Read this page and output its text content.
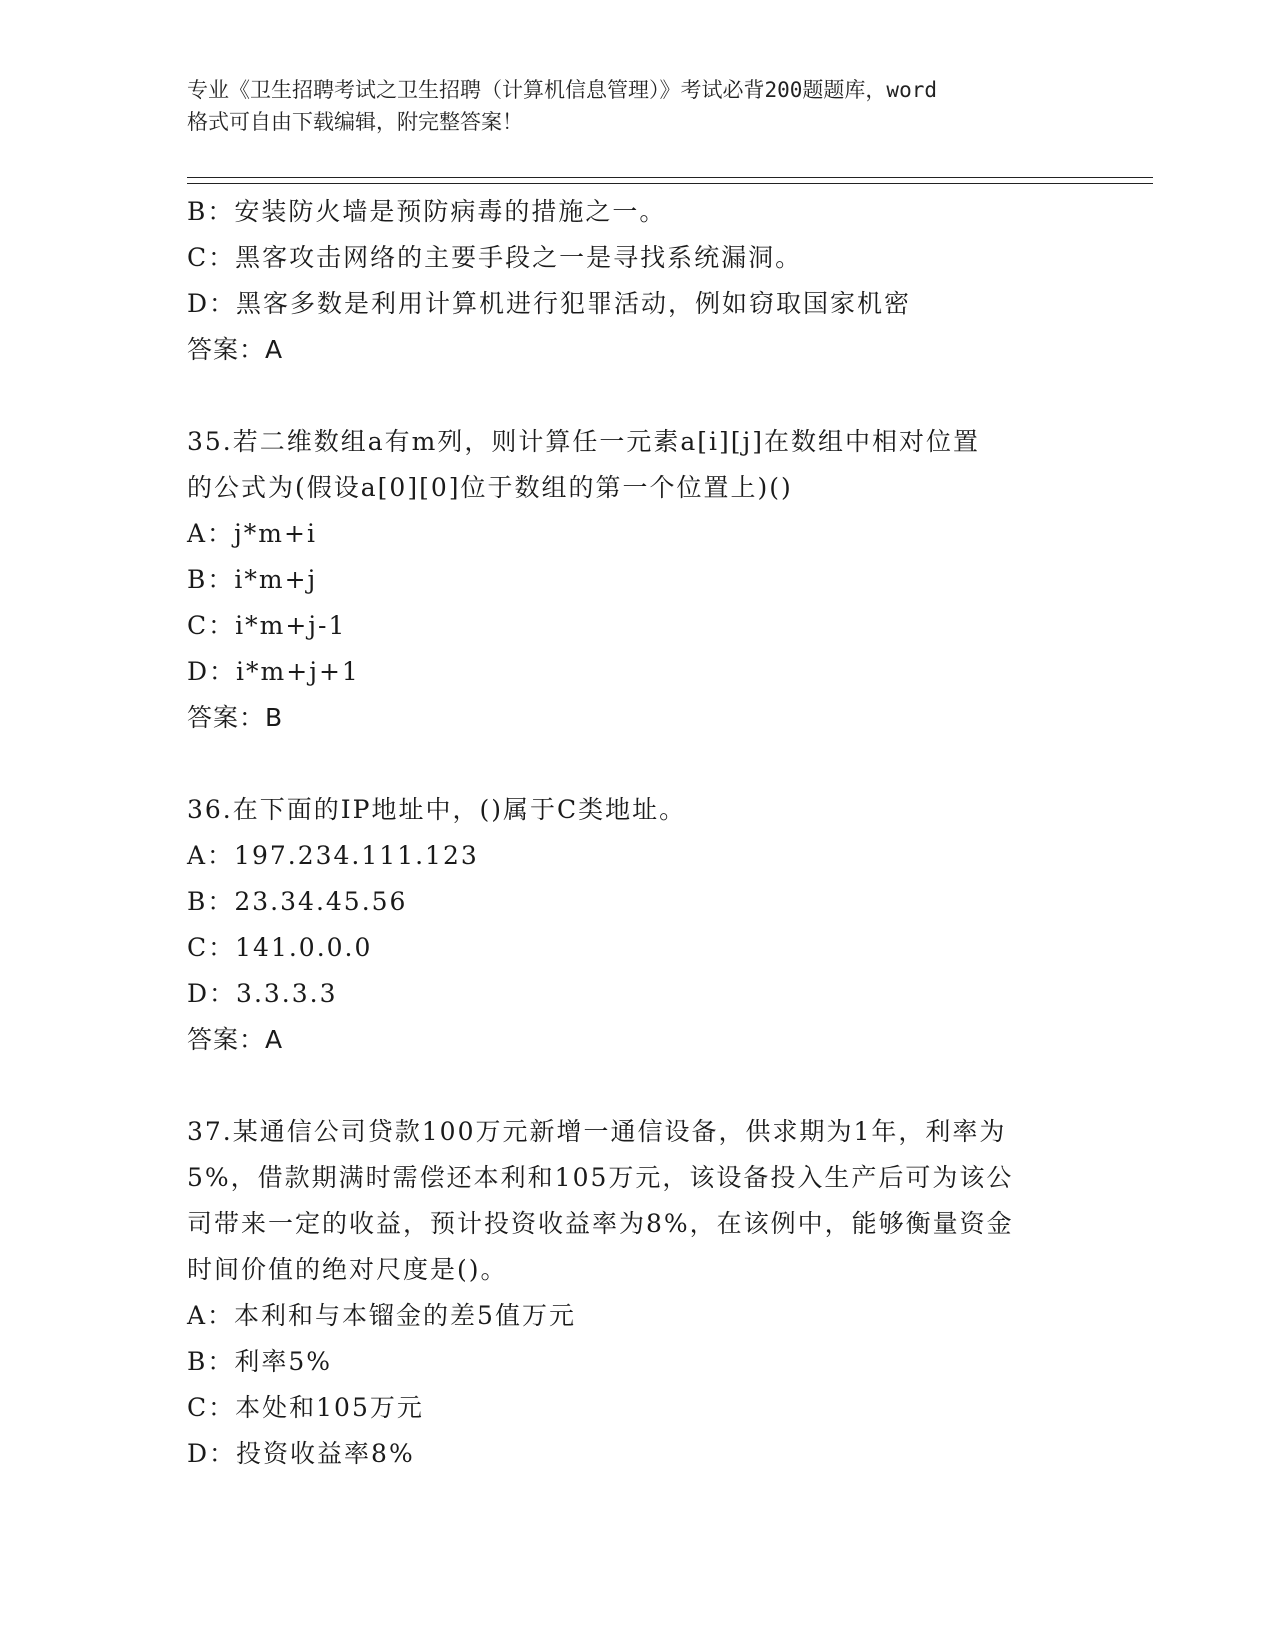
专业《卫生招聘考试之卫生招聘（计算机信息管理）》考试必背200题题库，word
格式可自由下载编辑，附完整答案！
B：安装防火墙是预防病毒的措施之一。
C：黑客攻击网络的主要手段之一是寻找系统漏洞。
D：黑客多数是利用计算机进行犯罪活动，例如窃取国家机密
答案：A
35.若二维数组a有m列，则计算任一元素a[i][j]在数组中相对位置
的公式为(假设a[0][0]位于数组的第一个位置上)()
A：j*m+i
B：i*m+j
C：i*m+j-1
D：i*m+j+1
答案：B
36.在下面的IP地址中，()属于C类地址。
A：197.234.111.123
B：23.34.45.56
C：141.0.0.0
D：3.3.3.3
答案：A
37.某通信公司贷款100万元新增一通信设备，供求期为1年，利率为
5%，借款期满时需偿还本利和105万元，该设备投入生产后可为该公
司带来一定的收益，预计投资收益率为8%，在该例中，能够衡量资金
时间价值的绝对尺度是()。
A：本利和与本镏金的差5值万元
B：利率5%
C：本处和105万元
D：投资收益率8%
